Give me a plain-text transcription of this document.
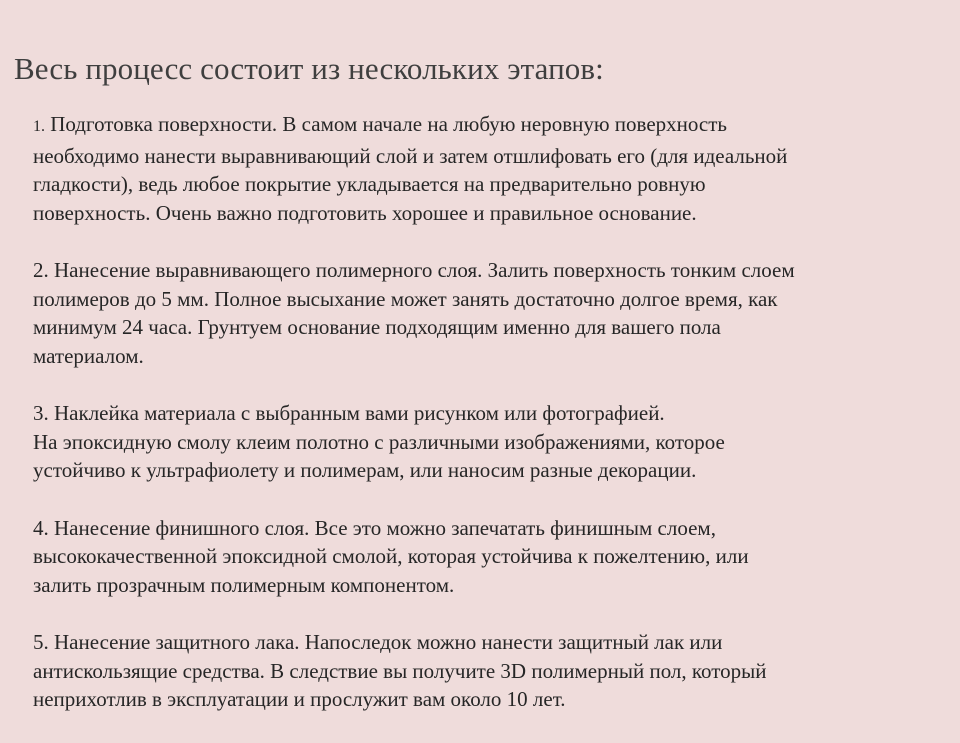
Весь процесс состоит из нескольких этапов:

1. Подготовка поверхности. В самом начале на любую неровную поверхность
необходимо нанести выравнивающий слой и затем отшлифовать его (для идеальной
гладкости), ведь любое покрытие укладывается на предварительно ровную
поверхность. Очень важно подготовить хорошее и правильное основание.

2. Нанесение выравнивающего полимерного слоя. Залить поверхность тонким слоем
полимеров до 5 мм. Полное высыхание может занять достаточно долгое время, как
минимум 24 часа. Грунтуем основание подходящим именно для вашего пола
материалом.

3. Наклейка материала с выбранным вами рисунком или фотографией.
На эпоксидную смолу клеим полотно с различными изображениями, которое
устойчиво к ультрафиолету и полимерам, или наносим разные декорации.

4. Нанесение финишного слоя. Все это можно запечатать финишным слоем,
высококачественной эпоксидной смолой, которая устойчива к пожелтению, или
залить прозрачным полимерным компонентом.

5. Нанесение защитного лака. Напоследок можно нанести защитный лак или
антискользящие средства. В следствие вы получите 3D полимерный пол, который
неприхотлив в эксплуатации и прослужит вам около 10 лет.
